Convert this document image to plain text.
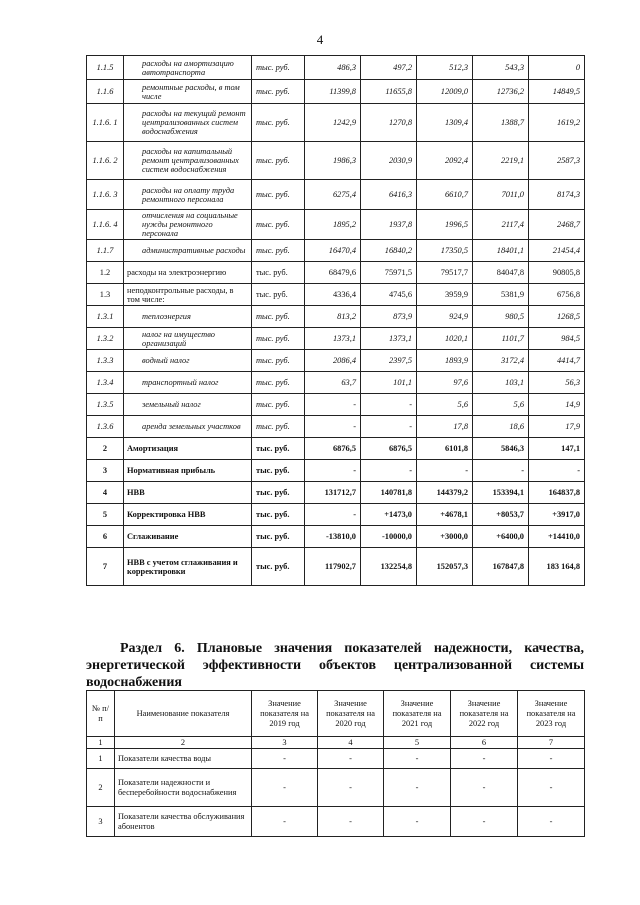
4
1.1.5	расходы на амортизацию автотранспорта	тыс. руб.	486,3	497,2	512,3	543,3	0
1.1.6	ремонтные расходы, в том числе	тыс. руб.	11399,8	11655,8	12009,0	12736,2	14849,5
1.1.6. 1	расходы на текущий ремонт централизованных систем водоснабжения	тыс. руб.	1242,9	1270,8	1309,4	1388,7	1619,2
1.1.6. 2	расходы на капитальный ремонт централизованных систем водоснабжения	тыс. руб.	1986,3	2030,9	2092,4	2219,1	2587,3
1.1.6. 3	расходы на оплату труда ремонтного персонала	тыс. руб.	6275,4	6416,3	6610,7	7011,0	8174,3
1.1.6. 4	отчисления на социальные нужды ремонтного персонала	тыс. руб.	1895,2	1937,8	1996,5	2117,4	2468,7
1.1.7	административные расходы	тыс. руб.	16470,4	16840,2	17350,5	18401,1	21454,4
1.2	расходы на электроэнергию	тыс. руб.	68479,6	75971,5	79517,7	84047,8	90805,8
1.3	неподконтрольные расходы, в том числе:	тыс. руб.	4336,4	4745,6	3959,9	5381,9	6756,8
1.3.1	теплоэнергия	тыс. руб.	813,2	873,9	924,9	980,5	1268,5
1.3.2	налог на имущество организаций	тыс. руб.	1373,1	1373,1	1020,1	1101,7	984,5
1.3.3	водный налог	тыс. руб.	2086,4	2397,5	1893,9	3172,4	4414,7
1.3.4	транспортный налог	тыс. руб.	63,7	101,1	97,6	103,1	56,3
1.3.5	земельный налог	тыс. руб.	-	-	5,6	5,6	14,9
1.3.6	аренда земельных участков	тыс. руб.	-	-	17,8	18,6	17,9
2	Амортизация	тыс. руб.	6876,5	6876,5	6101,8	5846,3	147,1
3	Нормативная прибыль	тыс. руб.	-	-	-	-	-
4	НВВ	тыс. руб.	131712,7	140781,8	144379,2	153394,1	164837,8
5	Корректировка НВВ	тыс. руб.	-	+1473,0	+4678,1	+8053,7	+3917,0
6	Сглаживание	тыс. руб.	-13810,0	-10000,0	+3000,0	+6400,0	+14410,0
7	НВВ с учетом сглаживания и корректировки	тыс. руб.	117902,7	132254,8	152057,3	167847,8	183 164,8
Раздел 6. Плановые значения показателей надежности, качества, энергетической эффективности объектов централизованной системы водоснабжения
№ п/п	Наименование показателя	Значение показателя на 2019 год	Значение показателя на 2020 год	Значение показателя на 2021 год	Значение показателя на 2022 год	Значение показателя на 2023 год
1	2	3	4	5	6	7
1	Показатели качества воды	-	-	-	-	-
2	Показатели надежности и бесперебойности водоснабжения	-	-	-	-	-
3	Показатели качества обслуживания абонентов	-	-	-	-	-
